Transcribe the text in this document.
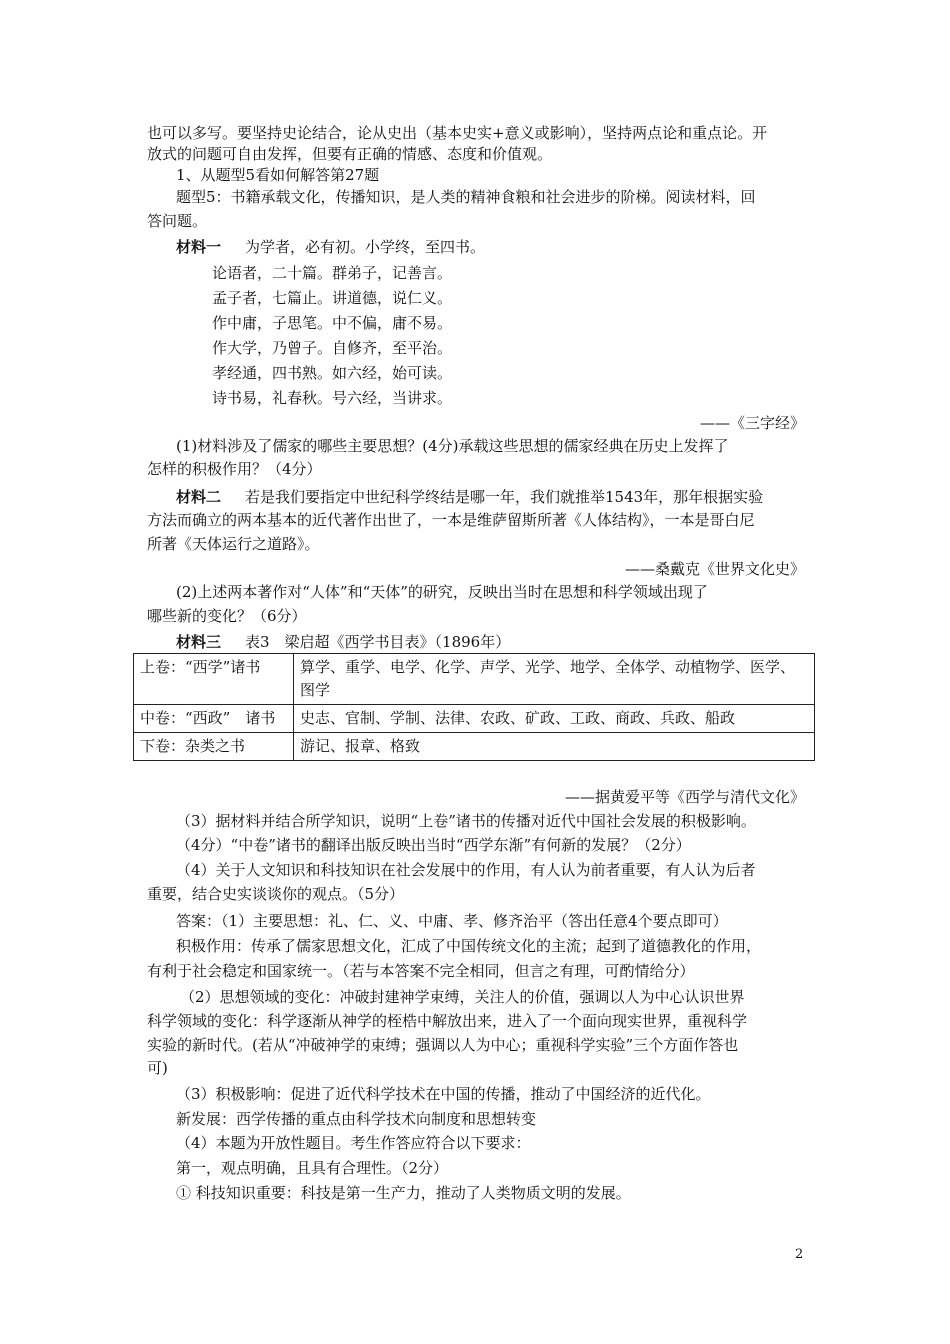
也可以多写。要坚持史论结合，论从史出（基本史实+意义或影响），坚持两点论和重点论。开
放式的问题可自由发挥，但要有正确的情感、态度和价值观。
1、从题型5看如何解答第27题
题型5：书籍承载文化，传播知识，是人类的精神食粮和社会进步的阶梯。阅读材料，回
答问题。
材料一 为学者，必有初。小学终，至四书。
论语者，二十篇。群弟子，记善言。
孟子者，七篇止。讲道德，说仁义。
作中庸，子思笔。中不偏，庸不易。
作大学，乃曾子。自修齐，至平治。
孝经通，四书熟。如六经，始可读。
诗书易，礼春秋。号六经，当讲求。
——《三字经》
(1)材料涉及了儒家的哪些主要思想？(4分)承载这些思想的儒家经典在历史上发挥了
怎样的积极作用？（4分）
材料二 若是我们要指定中世纪科学终结是哪一年，我们就推举1543年，那年根据实验
方法而确立的两本基本的近代著作出世了，一本是维萨留斯所著《人体结构》，一本是哥白尼
所著《天体运行之道路》。
——桑戴克《世界文化史》
(2)上述两本著作对“人体”和“天体”的研究，反映出当时在思想和科学领域出现了
哪些新的变化？（6分）
材料三 表3　梁启超《西学书目表》（1896年）
上卷：“西学”诸书	算学、重学、电学、化学、声学、光学、地学、全体学、动植物学、医学、图学
中卷：“西政”　诸书	史志、官制、学制、法律、农政、矿政、工政、商政、兵政、船政
下卷：杂类之书	游记、报章、格致
——据黄爱平等《西学与清代文化》
（3）据材料并结合所学知识，说明“上卷”诸书的传播对近代中国社会发展的积极影响。
（4分）“中卷”诸书的翻译出版反映出当时“西学东渐”有何新的发展？（2分）
（4）关于人文知识和科技知识在社会发展中的作用，有人认为前者重要，有人认为后者
重要，结合史实谈谈你的观点。（5分）
答案：（1）主要思想：礼、仁、义、中庸、孝、修齐治平（答出任意4个要点即可）
积极作用：传承了儒家思想文化，汇成了中国传统文化的主流；起到了道德教化的作用，
有利于社会稳定和国家统一。（若与本答案不完全相同，但言之有理，可酌情给分）
（2）思想领域的变化：冲破封建神学束缚，关注人的价值，强调以人为中心认识世界
科学领域的变化：科学逐渐从神学的桎梏中解放出来，进入了一个面向现实世界，重视科学
实验的新时代。(若从“冲破神学的束缚；强调以人为中心；重视科学实验”三个方面作答也
可)
（3）积极影响：促进了近代科学技术在中国的传播，推动了中国经济的近代化。
新发展：西学传播的重点由科学技术向制度和思想转变
（4）本题为开放性题目。考生作答应符合以下要求：
第一，观点明确，且具有合理性。（2分）
① 科技知识重要：科技是第一生产力，推动了人类物质文明的发展。
2
